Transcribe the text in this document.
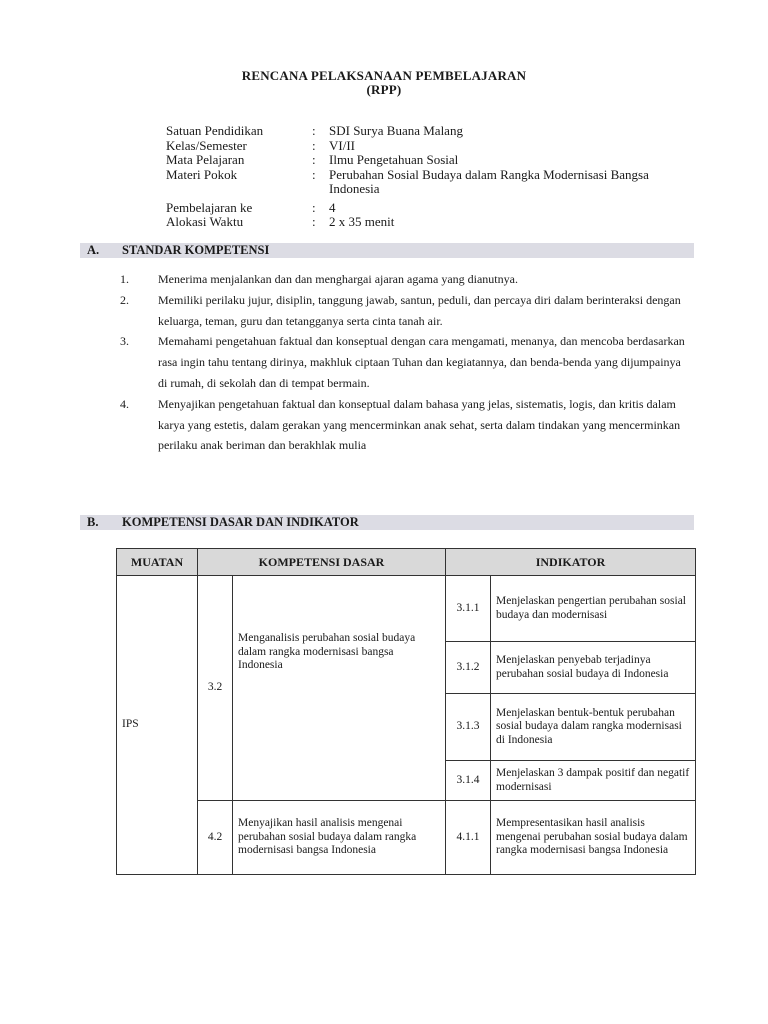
RENCANA PELAKSANAAN PEMBELAJARAN
(RPP)
Satuan Pendidikan	:	SDI Surya Buana Malang
Kelas/Semester	:	VI/II
Mata Pelajaran	:	Ilmu Pengetahuan Sosial
Materi Pokok	:	Perubahan Sosial Budaya dalam Rangka Modernisasi Bangsa Indonesia
Pembelajaran ke	:	4
Alokasi Waktu	:	2 x 35 menit
A. STANDAR KOMPETENSI
1.	Menerima menjalankan dan dan menghargai ajaran agama yang dianutnya.
2.	Memiliki perilaku jujur, disiplin, tanggung jawab, santun, peduli, dan percaya diri dalam berinteraksi dengan keluarga, teman, guru dan tetangganya serta cinta tanah air.
3.	Memahami pengetahuan faktual dan konseptual dengan cara mengamati, menanya, dan mencoba berdasarkan rasa ingin tahu tentang dirinya, makhluk ciptaan Tuhan dan kegiatannya, dan benda-benda yang dijumpainya di rumah, di sekolah dan di tempat bermain.
4.	Menyajikan pengetahuan faktual dan konseptual dalam bahasa yang jelas, sistematis, logis, dan kritis dalam karya yang estetis, dalam gerakan yang mencerminkan anak sehat, serta dalam tindakan yang mencerminkan perilaku anak beriman dan berakhlak mulia
B. KOMPETENSI DASAR DAN INDIKATOR
MUATAN	KOMPETENSI DASAR		INDIKATOR	
IPS	3.2	Menganalisis perubahan sosial budaya dalam rangka modernisasi bangsa Indonesia	3.1.1	Menjelaskan pengertian perubahan sosial budaya dan modernisasi
			3.1.2	Menjelaskan penyebab terjadinya perubahan sosial budaya di Indonesia
			3.1.3	Menjelaskan bentuk-bentuk perubahan sosial budaya dalam rangka modernisasi di Indonesia
			3.1.4	Menjelaskan 3 dampak positif dan negatif modernisasi
	4.2	Menyajikan hasil analisis mengenai perubahan sosial budaya dalam rangka modernisasi bangsa Indonesia	4.1.1	Mempresentasikan hasil analisis mengenai perubahan sosial budaya dalam rangka modernisasi bangsa Indonesia
